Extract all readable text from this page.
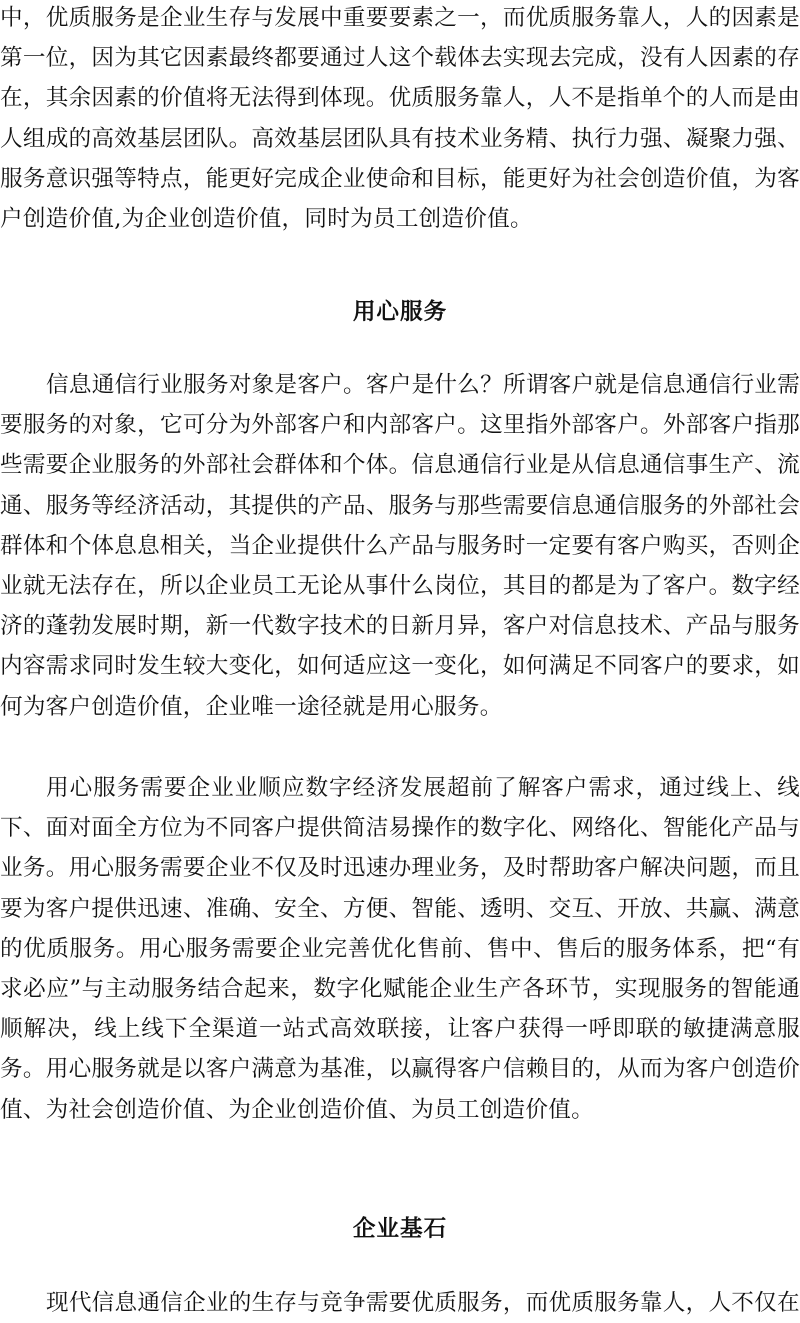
中，优质服务是企业生存与发展中重要要素之一，而优质服务靠人，人的因素是第一位，因为其它因素最终都要通过人这个载体去实现去完成，没有人因素的存在，其余因素的价值将无法得到体现。优质服务靠人，人不是指单个的人而是由人组成的高效基层团队。高效基层团队具有技术业务精、执行力强、凝聚力强、服务意识强等特点，能更好完成企业使命和目标，能更好为社会创造价值，为客户创造价值,为企业创造价值，同时为员工创造价值。

用心服务

信息通信行业服务对象是客户。客户是什么？所谓客户就是信息通信行业需要服务的对象，它可分为外部客户和内部客户。这里指外部客户。外部客户指那些需要企业服务的外部社会群体和个体。信息通信行业是从信息通信事生产、流通、服务等经济活动，其提供的产品、服务与那些需要信息通信服务的外部社会群体和个体息息相关，当企业提供什么产品与服务时一定要有客户购买，否则企业就无法存在，所以企业员工无论从事什么岗位，其目的都是为了客户。数字经济的蓬勃发展时期，新一代数字技术的日新月异，客户对信息技术、产品与服务内容需求同时发生较大变化，如何适应这一变化，如何满足不同客户的要求，如何为客户创造价值，企业唯一途径就是用心服务。

用心服务需要企业业顺应数字经济发展超前了解客户需求，通过线上、线下、面对面全方位为不同客户提供简洁易操作的数字化、网络化、智能化产品与业务。用心服务需要企业不仅及时迅速办理业务，及时帮助客户解决问题，而且要为客户提供迅速、准确、安全、方便、智能、透明、交互、开放、共赢、满意的优质服务。用心服务需要企业完善优化售前、售中、售后的服务体系，把“有求必应”与主动服务结合起来，数字化赋能企业生产各环节，实现服务的智能通顺解决，线上线下全渠道一站式高效联接，让客户获得一呼即联的敏捷满意服务。用心服务就是以客户满意为基准，以赢得客户信赖目的，从而为客户创造价值、为社会创造价值、为企业创造价值、为员工创造价值。

企业基石

现代信息通信企业的生存与竞争需要优质服务，而优质服务靠人，人不仅在
